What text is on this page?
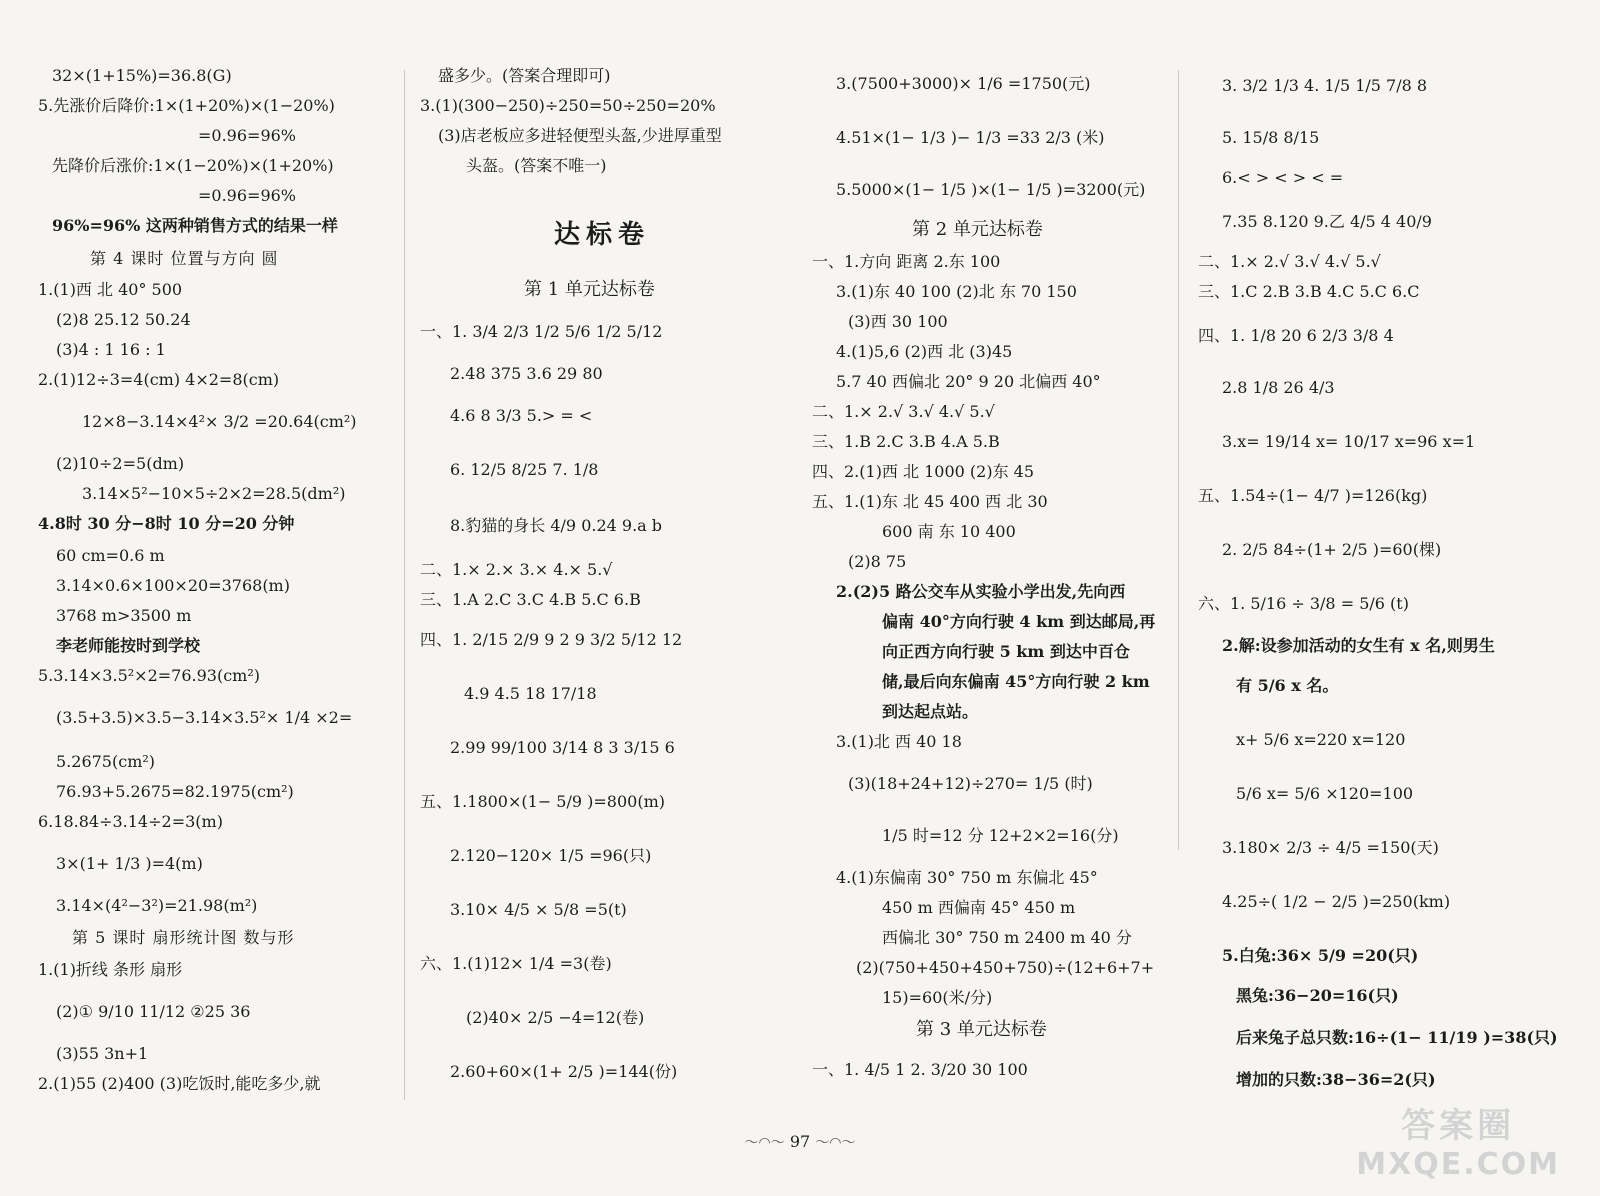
32×(1+15%)=36.8(G)
5.先涨价后降价:1×(1+20%)×(1−20%)
=0.96=96%
先降价后涨价:1×(1−20%)×(1+20%)
=0.96=96%
96%=96% 这两种销售方式的结果一样
第 4 课时 位置与方向 圆
1.(1)西 北 40° 500
(2)8 25.12 50.24
(3)4 : 1 16 : 1
2.(1)12÷3=4(cm) 4×2=8(cm)
12×8−3.14×4²× 3/2 =20.64(cm²)
(2)10÷2=5(dm)
3.14×5²−10×5÷2×2=28.5(dm²)
4.8时 30 分−8时 10 分=20 分钟
60 cm=0.6 m
3.14×0.6×100×20=3768(m)
3768 m>3500 m
李老师能按时到学校
5.3.14×3.5²×2=76.93(cm²)
(3.5+3.5)×3.5−3.14×3.5²× 1/4 ×2=
5.2675(cm²)
76.93+5.2675=82.1975(cm²)
6.18.84÷3.14÷2=3(m)
3×(1+ 1/3 )=4(m)
3.14×(4²−3²)=21.98(m²)
第 5 课时 扇形统计图 数与形
1.(1)折线 条形 扇形
(2)① 9/10 11/12 ②25 36
(3)55 3n+1
2.(1)55 (2)400 (3)吃饭时,能吃多少,就
盛多少。(答案合理即可)
3.(1)(300−250)÷250=50÷250=20%
(3)店老板应多进轻便型头盔,少进厚重型
头盔。(答案不唯一)
达标卷
第 1 单元达标卷
一、1. 3/4 2/3 1/2 5/6 1/2 5/12
2.48 375 3.6 29 80
4.6 8 3/3 5.> = <
6. 12/5 8/25 7. 1/8
8.豹猫的身长 4/9 0.24 9.a b
二、1.× 2.× 3.× 4.× 5.√
三、1.A 2.C 3.C 4.B 5.C 6.B
四、1. 2/15 2/9 9 2 9 3/2 5/12 12
4.9 4.5 18 17/18
2.99 99/100 3/14 8 3 3/15 6
五、1.1800×(1− 5/9 )=800(m)
2.120−120× 1/5 =96(只)
3.10× 4/5 × 5/8 =5(t)
六、1.(1)12× 1/4 =3(卷)
(2)40× 2/5 −4=12(卷)
2.60+60×(1+ 2/5 )=144(份)
3.(7500+3000)× 1/6 =1750(元)
4.51×(1− 1/3 )− 1/3 =33 2/3 (米)
5.5000×(1− 1/5 )×(1− 1/5 )=3200(元)
第 2 单元达标卷
一、1.方向 距离 2.东 100
3.(1)东 40 100 (2)北 东 70 150
(3)西 30 100
4.(1)5,6 (2)西 北 (3)45
5.7 40 西偏北 20° 9 20 北偏西 40°
二、1.× 2.√ 3.√ 4.√ 5.√
三、1.B 2.C 3.B 4.A 5.B
四、2.(1)西 北 1000 (2)东 45
五、1.(1)东 北 45 400 西 北 30
600 南 东 10 400
(2)8 75
2.(2)5 路公交车从实验小学出发,先向西
偏南 40°方向行驶 4 km 到达邮局,再
向正西方向行驶 5 km 到达中百仓
储,最后向东偏南 45°方向行驶 2 km
到达起点站。
3.(1)北 西 40 18
(3)(18+24+12)÷270= 1/5 (时)
1/5 时=12 分 12+2×2=16(分)
4.(1)东偏南 30° 750 m 东偏北 45°
450 m 西偏南 45° 450 m
西偏北 30° 750 m 2400 m 40 分
(2)(750+450+450+750)÷(12+6+7+
15)=60(米/分)
第 3 单元达标卷
一、1. 4/5 1 2. 3/20 30 100
3. 3/2 1/3 4. 1/5 1/5 7/8 8
5. 15/8 8/15
6.< > < > < =
7.35 8.120 9.乙 4/5 4 40/9
二、1.× 2.√ 3.√ 4.√ 5.√
三、1.C 2.B 3.B 4.C 5.C 6.C
四、1. 1/8 20 6 2/3 3/8 4
2.8 1/8 26 4/3
3.x= 19/14 x= 10/17 x=96 x=1
五、1.54÷(1− 4/7 )=126(kg)
2. 2/5 84÷(1+ 2/5 )=60(棵)
六、1. 5/16 ÷ 3/8 = 5/6 (t)
2.解:设参加活动的女生有 x 名,则男生
有 5/6 x 名。
x+ 5/6 x=220 x=120
5/6 x= 5/6 ×120=100
3.180× 2/3 ÷ 4/5 =150(天)
4.25÷( 1/2 − 2/5 )=250(km)
5.白兔:36× 5/9 =20(只)
黑兔:36−20=16(只)
后来兔子总只数:16÷(1− 11/19 )=38(只)
增加的只数:38−36=2(只)
〜◠〜 97 〜◠〜	答案圈
MXQE.COM
